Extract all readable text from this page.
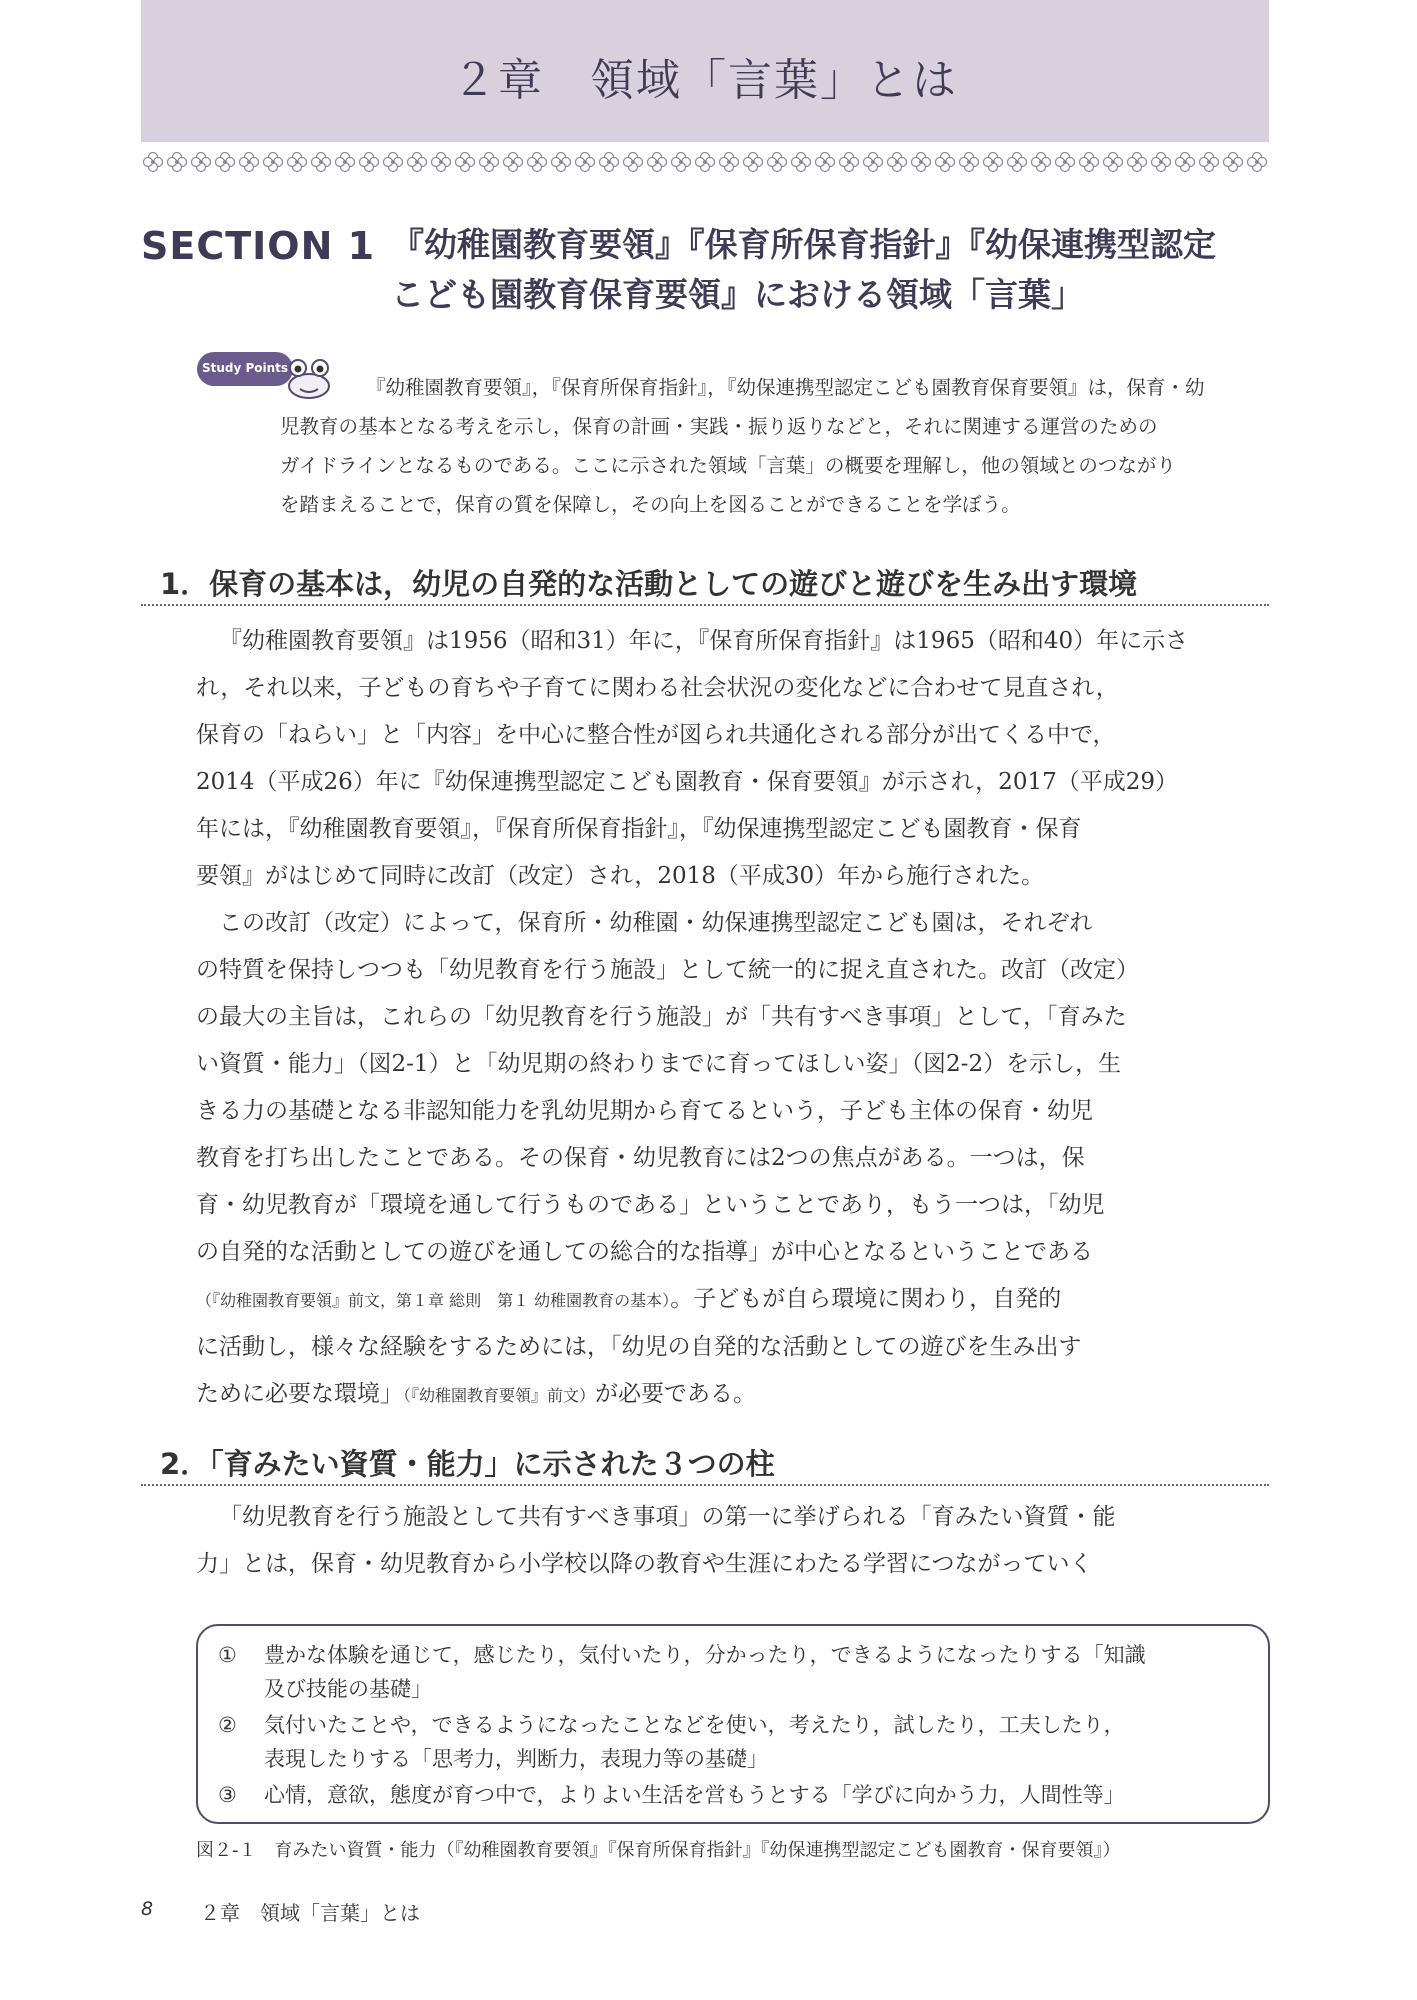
２章　領域「言葉」とは
SECTION 1 『幼稚園教育要領』『保育所保育指針』『幼保連携型認定
こども園教育保育要領』における領域「言葉」
Study Points
『幼稚園教育要領』，『保育所保育指針』，『幼保連携型認定こども園教育保育要領』は，保育・幼
児教育の基本となる考えを示し，保育の計画・実践・振り返りなどと，それに関連する運営のための
ガイドラインとなるものである。ここに示された領域「言葉」の概要を理解し，他の領域とのつながり
を踏まえることで，保育の質を保障し，その向上を図ることができることを学ぼう。
1．保育の基本は，幼児の自発的な活動としての遊びと遊びを生み出す環境
『幼稚園教育要領』は1956（昭和31）年に，『保育所保育指針』は1965（昭和40）年に示さ
れ，それ以来，子どもの育ちや子育てに関わる社会状況の変化などに合わせて見直され，
保育の「ねらい」と「内容」を中心に整合性が図られ共通化される部分が出てくる中で，
2014（平成26）年に『幼保連携型認定こども園教育・保育要領』が示され，2017（平成29）
年には，『幼稚園教育要領』，『保育所保育指針』，『幼保連携型認定こども園教育・保育
要領』がはじめて同時に改訂（改定）され，2018（平成30）年から施行された。
この改訂（改定）によって，保育所・幼稚園・幼保連携型認定こども園は，それぞれ
の特質を保持しつつも「幼児教育を行う施設」として統一的に捉え直された。改訂（改定）
の最大の主旨は，これらの「幼児教育を行う施設」が「共有すべき事項」として，「育みた
い資質・能力」（図2-1）と「幼児期の終わりまでに育ってほしい姿」（図2-2）を示し，生
きる力の基礎となる非認知能力を乳幼児期から育てるという，子ども主体の保育・幼児
教育を打ち出したことである。その保育・幼児教育には2つの焦点がある。一つは，保
育・幼児教育が「環境を通して行うものである」ということであり，もう一つは，「幼児
の自発的な活動としての遊びを通しての総合的な指導」が中心となるということである
（『幼稚園教育要領』前文，第１章 総則　第１ 幼稚園教育の基本）。子どもが自ら環境に関わり，自発的
に活動し，様々な経験をするためには，「幼児の自発的な活動としての遊びを生み出す
ために必要な環境」（『幼稚園教育要領』前文）が必要である。
2．「育みたい資質・能力」に示された３つの柱
「幼児教育を行う施設として共有すべき事項」の第一に挙げられる「育みたい資質・能
力」とは，保育・幼児教育から小学校以降の教育や生涯にわたる学習につながっていく
① 豊かな体験を通じて，感じたり，気付いたり，分かったり，できるようになったりする「知識
及び技能の基礎」
② 気付いたことや，できるようになったことなどを使い，考えたり，試したり，工夫したり，
表現したりする「思考力，判断力，表現力等の基礎」
③ 心情，意欲，態度が育つ中で，よりよい生活を営もうとする「学びに向かう力，人間性等」
図２-１　育みたい資質・能力（『幼稚園教育要領』『保育所保育指針』『幼保連携型認定こども園教育・保育要領』）
8 ２章　領域「言葉」とは
